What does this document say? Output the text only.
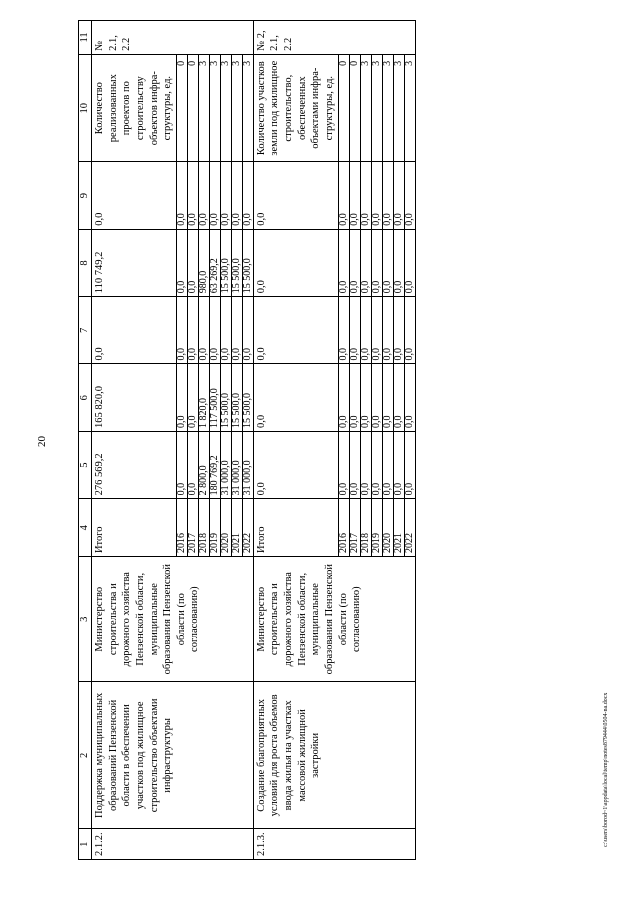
20
c:\users\borod~1\appdata\local\temp\notes879444\0504-na.docx
1	2	3	4	5	6	7	8	9	10	11
2.1.2.	Поддержка муниципальных образований Пензенской области в обеспечении участков под жилищное строительство объектами инфраструктуры	Министерство строительства и дорожного хозяйства Пензенской области, муниципальные образования Пензенской области (по согласованию)	Итого	276 569,2	165 820,0	0,0	110 749,2	0,0	Количество реализованных проектов по строительству объектов инфра-структуры, ед.	№ 2.1, 2.2
			2016	0,0	0,0	0,0	0,0	0,0	0	
			2017	0,0	0,0	0,0	0,0	0,0	0	
			2018	2 800,0	1 820,0	0,0	980,0	0,0	3	
			2019	180 769,2	117 500,0	0,0	63 269,2	0,0	3	
			2020	31 000,0	15 500,0	0,0	15 500,0	0,0	3	
			2021	31 000,0	15 500,0	0,0	15 500,0	0,0	3	
			2022	31 000,0	15 500,0	0,0	15 500,0	0,0	3	
2.1.3.	Создание благоприятных условий для роста объемов ввода жилья на участках массовой жилищной застройки	Министерство строительства и дорожного хозяйства Пензенской области, муниципальные образования Пензенской области (по согласованию)	Итого	0,0	0,0	0,0	0,0	0,0	Количество участков земли под жилищное строительство, обеспеченных объектами инфра-структуры, ед.	№ 2, 2.1, 2.2
			2016	0,0	0,0	0,0	0,0	0,0	0	
			2017	0,0	0,0	0,0	0,0	0,0	0	
			2018	0,0	0,0	0,0	0,0	0,0	3	
			2019	0,0	0,0	0,0	0,0	0,0	3	
			2020	0,0	0,0	0,0	0,0	0,0	3	
			2021	0,0	0,0	0,0	0,0	0,0	3	
			2022	0,0	0,0	0,0	0,0	0,0	3	
